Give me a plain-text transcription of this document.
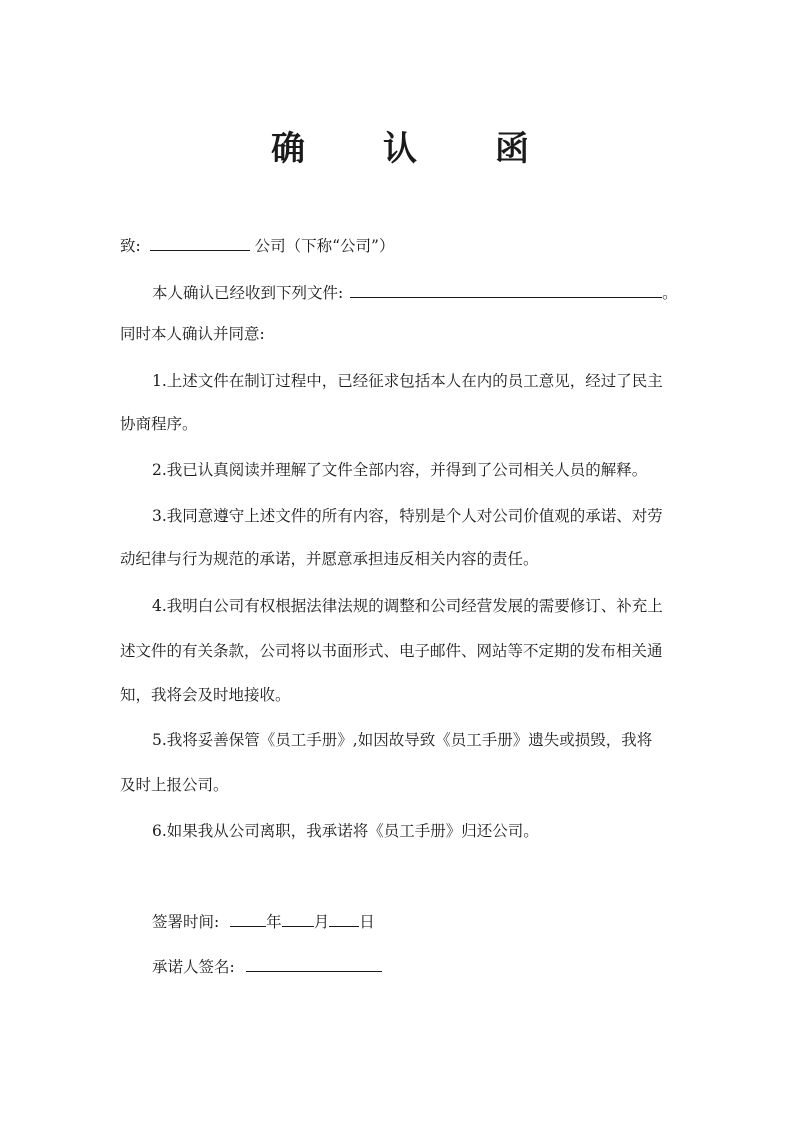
确 认 函
致:	公司（下称“公司”）
本人确认已经收到下列文件:	。
同时本人确认并同意:
1.上述文件在制订过程中，已经征求包括本人在内的员工意见，经过了民主
协商程序。
2.我已认真阅读并理解了文件全部内容，并得到了公司相关人员的解释。
3.我同意遵守上述文件的所有内容，特别是个人对公司价值观的承诺、对劳
动纪律与行为规范的承诺，并愿意承担违反相关内容的责任。
4.我明白公司有权根据法律法规的调整和公司经营发展的需要修订、补充上
述文件的有关条款，公司将以书面形式、电子邮件、网站等不定期的发布相关通
知，我将会及时地接收。
5.我将妥善保管《员工手册》,如因故导致《员工手册》遗失或损毁，我将
及时上报公司。
6.如果我从公司离职，我承诺将《员工手册》归还公司。
签署时间:	年 月 日
承诺人签名:
